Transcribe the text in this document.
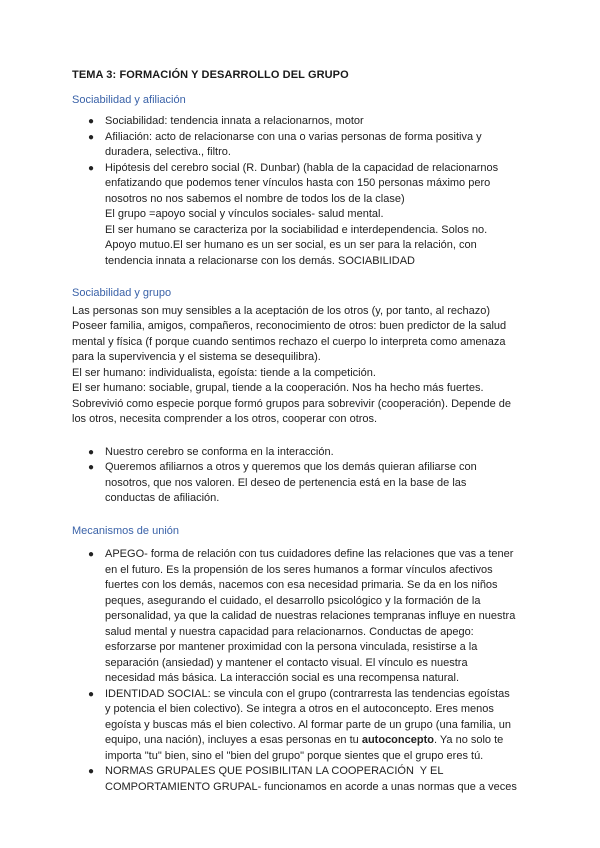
TEMA 3: FORMACIÓN Y DESARROLLO DEL GRUPO
Sociabilidad y afiliación
● Sociabilidad: tendencia innata a relacionarnos, motor
● Afiliación: acto de relacionarse con una o varias personas de forma positiva y
duradera, selectiva., filtro.
● Hipótesis del cerebro social (R. Dunbar) (habla de la capacidad de relacionarnos
enfatizando que podemos tener vínculos hasta con 150 personas máximo pero
nosotros no nos sabemos el nombre de todos los de la clase)
El grupo =apoyo social y vínculos sociales- salud mental.
El ser humano se caracteriza por la sociabilidad e interdependencia. Solos no.
Apoyo mutuo.El ser humano es un ser social, es un ser para la relación, con
tendencia innata a relacionarse con los demás. SOCIABILIDAD
Sociabilidad y grupo
Las personas son muy sensibles a la aceptación de los otros (y, por tanto, al rechazo)
Poseer familia, amigos, compañeros, reconocimiento de otros: buen predictor de la salud
mental y física (f porque cuando sentimos rechazo el cuerpo lo interpreta como amenaza
para la supervivencia y el sistema se desequilibra).
El ser humano: individualista, egoísta: tiende a la competición.
El ser humano: sociable, grupal, tiende a la cooperación. Nos ha hecho más fuertes.
Sobrevivió como especie porque formó grupos para sobrevivir (cooperación). Depende de
los otros, necesita comprender a los otros, cooperar con otros.
● Nuestro cerebro se conforma en la interacción.
● Queremos afiliarnos a otros y queremos que los demás quieran afiliarse con
nosotros, que nos valoren. El deseo de pertenencia está en la base de las
conductas de afiliación.
Mecanismos de unión
● APEGO- forma de relación con tus cuidadores define las relaciones que vas a tener
en el futuro. Es la propensión de los seres humanos a formar vínculos afectivos
fuertes con los demás, nacemos con esa necesidad primaria. Se da en los niños
peques, asegurando el cuidado, el desarrollo psicológico y la formación de la
personalidad, ya que la calidad de nuestras relaciones tempranas influye en nuestra
salud mental y nuestra capacidad para relacionarnos. Conductas de apego:
esforzarse por mantener proximidad con la persona vinculada, resistirse a la
separación (ansiedad) y mantener el contacto visual. El vínculo es nuestra
necesidad más básica. La interacción social es una recompensa natural.
● IDENTIDAD SOCIAL: se vincula con el grupo (contrarresta las tendencias egoístas
y potencia el bien colectivo). Se integra a otros en el autoconcepto. Eres menos
egoísta y buscas más el bien colectivo. Al formar parte de un grupo (una familia, un
equipo, una nación), incluyes a esas personas en tu autoconcepto. Ya no solo te
importa "tu" bien, sino el "bien del grupo" porque sientes que el grupo eres tú.
● NORMAS GRUPALES QUE POSIBILITAN LA COOPERACIÓN  Y EL
COMPORTAMIENTO GRUPAL- funcionamos en acorde a unas normas que a veces
